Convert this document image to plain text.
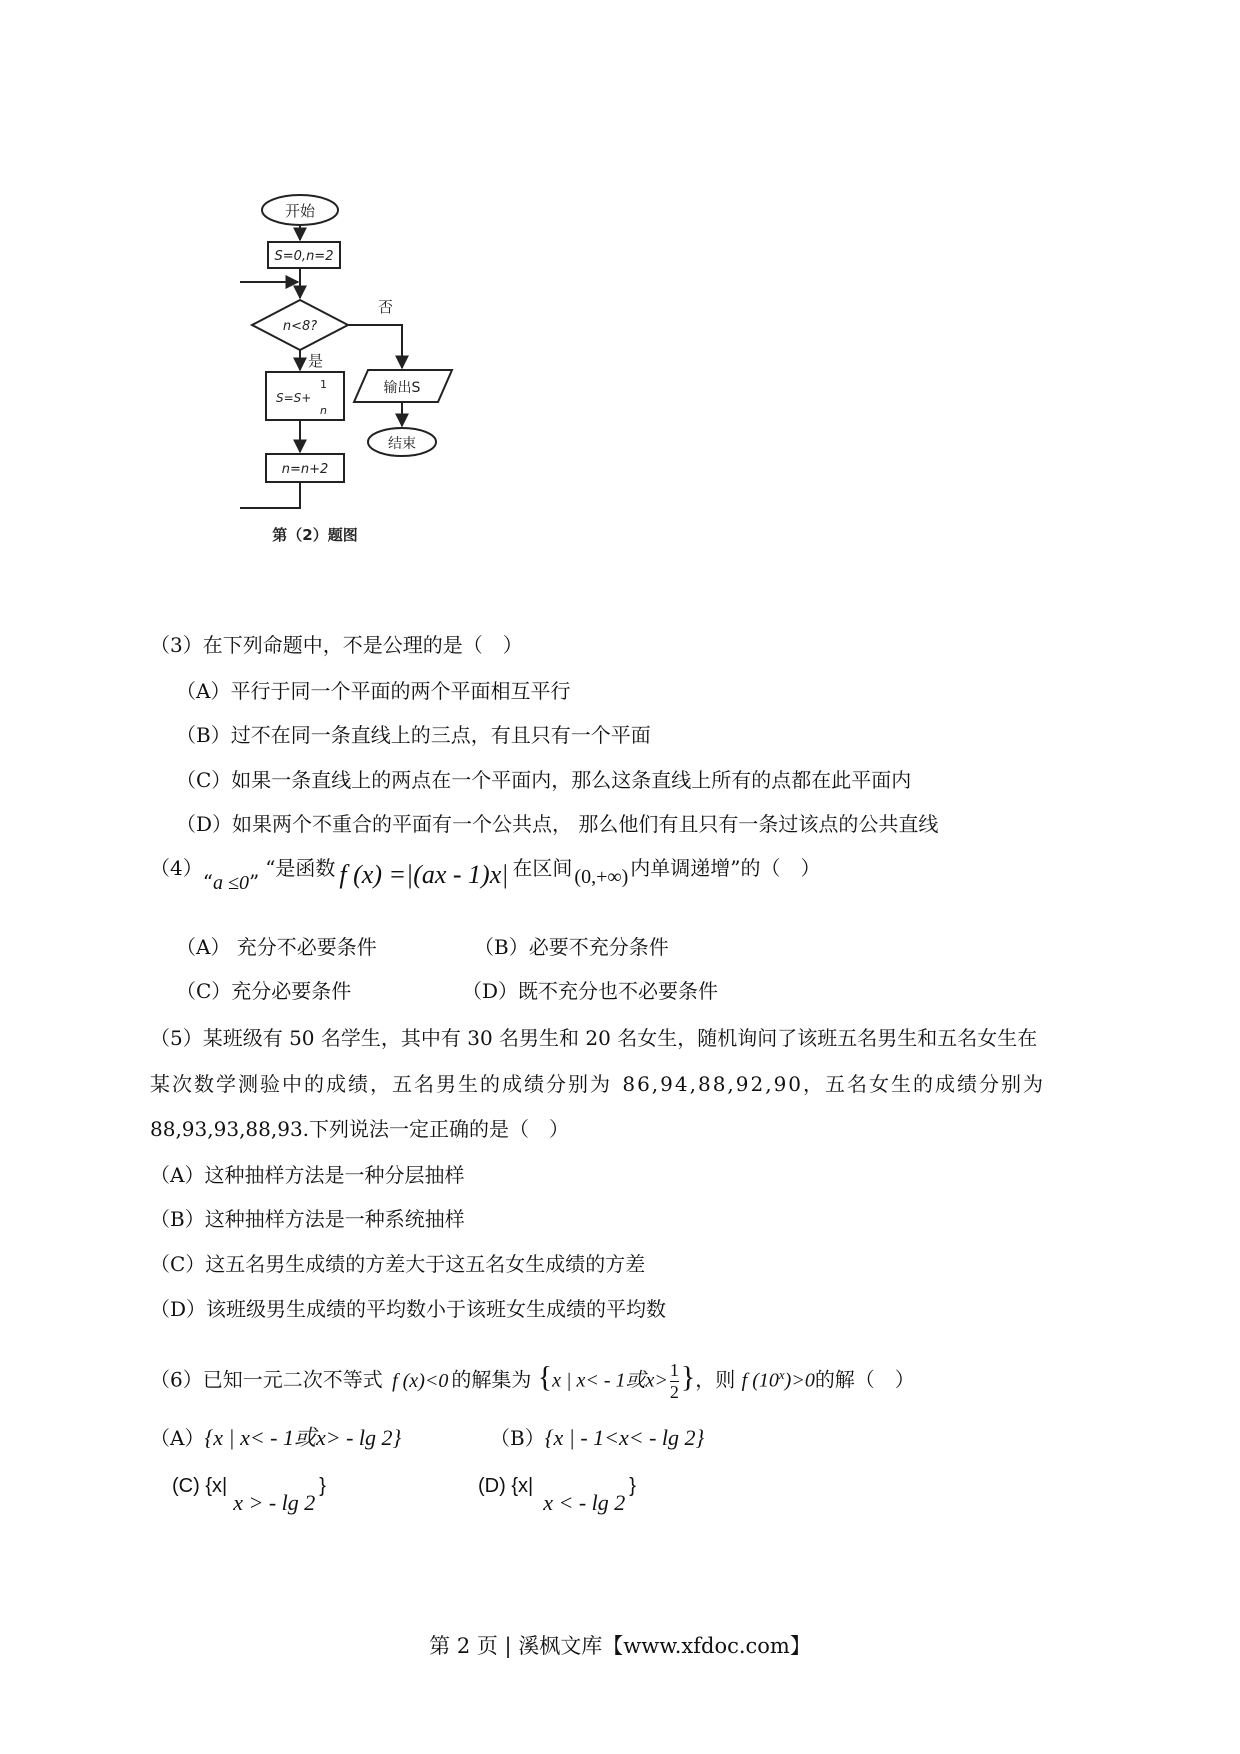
开始
S=0,n=2
n<8?
否
是
S=S+
1
n
输出S
结束
n=n+2
第（2）题图
（3）在下列命题中，不是公理的是（　）
（A）平行于同一个平面的两个平面相互平行
（B）过不在同一条直线上的三点，有且只有一个平面
（C）如果一条直线上的两点在一个平面内，那么这条直线上所有的点都在此平面内
（D）如果两个不重合的平面有一个公共点， 那么他们有且只有一条过该点的公共直线
（4）“a ≤0”“是函数 f (x) =|(ax - 1)x| 在区间 (0,+∞) 内单调递增”的（　）
（A） 充分不必要条件	（B）必要不充分条件
（C）充分必要条件	（D）既不充分也不必要条件
（5）某班级有 50 名学生，其中有 30 名男生和 20 名女生，随机询问了该班五名男生和五名女生在
某次数学测验中的成绩，五名男生的成绩分别为 86,94,88,92,90，五名女生的成绩分别为
88,93,93,88,93.下列说法一定正确的是（　）
（A）这种抽样方法是一种分层抽样
（B）这种抽样方法是一种系统抽样
（C）这五名男生成绩的方差大于这五名女生成绩的方差
（D）该班级男生成绩的平均数小于该班女生成绩的平均数
（6）已知一元二次不等式 f (x)<0 的解集为 {x | x< - 1或$x> \frac{1}{2}$ }，则 f $(10^x)>0$的解（　）
（A）{x | x< - 1或x> - lg 2}	（B）{x | - 1<x< - lg 2}
(C) {x|x > - lg 2}	(D) {x|x < - lg 2}
第 2 页 | 溪枫文库【www.xfdoc.com】
